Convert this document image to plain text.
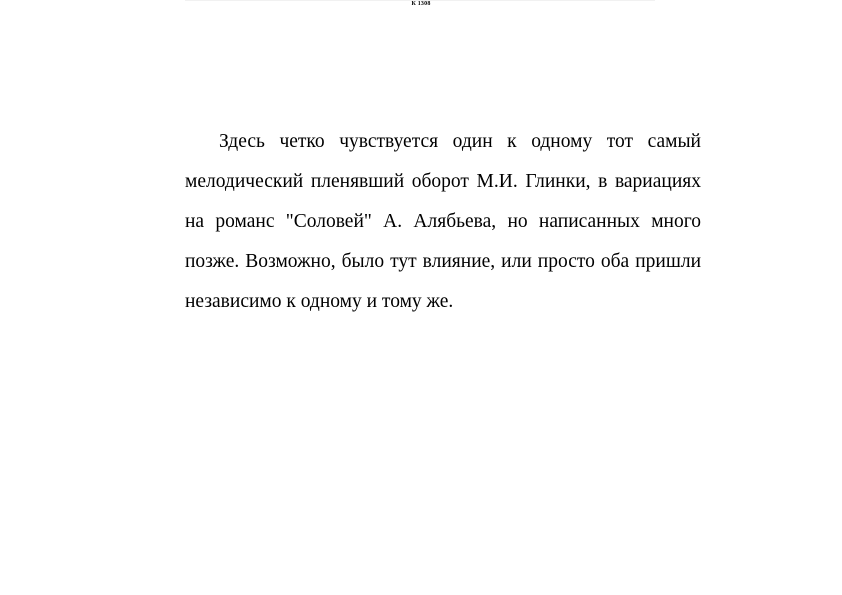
К 1308

Здесь четко чувствуется один к одному тот самый мелодический пленявший оборот М.И. Глинки, в вариациях на романс "Соловей" А. Алябьева, но написанных много позже. Возможно, было тут влияние, или просто оба пришли независимо к одному и тому же.
